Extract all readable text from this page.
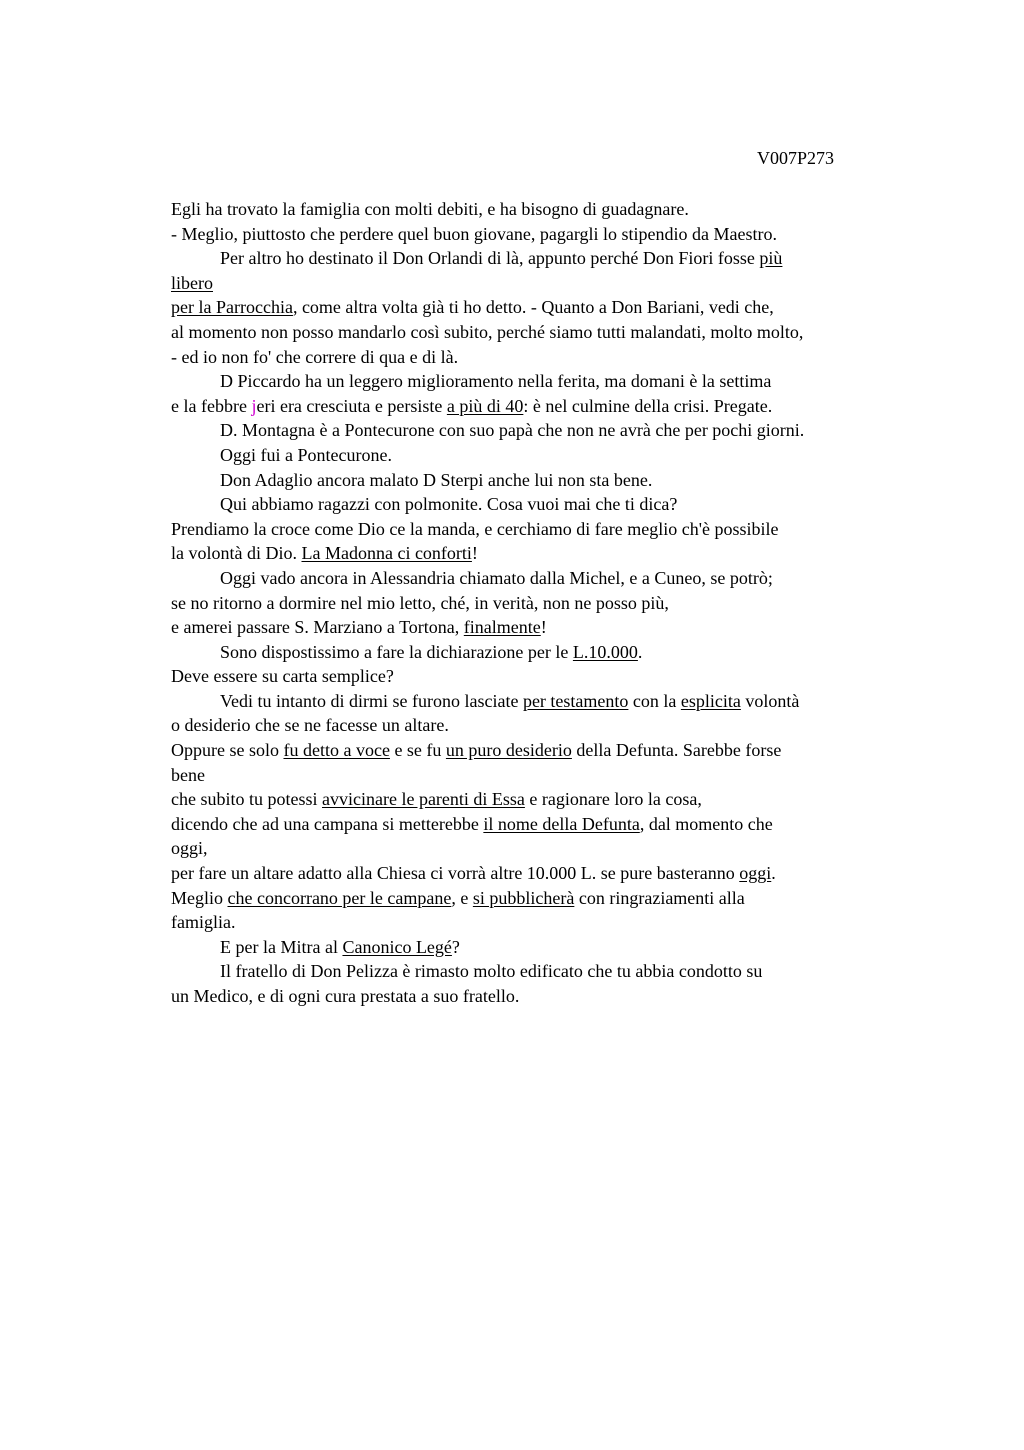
V007P273
Egli ha trovato la famiglia con molti debiti, e ha bisogno di guadagnare.
- Meglio, piuttosto che perdere quel buon giovane, pagargli lo stipendio da Maestro.
Per altro ho destinato il Don Orlandi di là, appunto perché Don Fiori fosse più
libero
per la Parrocchia, come altra volta già ti ho detto. - Quanto a Don Bariani, vedi che,
al momento non posso mandarlo così subito, perché siamo tutti malandati, molto molto,
- ed io non fo' che correre di qua e di là.
D Piccardo ha un leggero miglioramento nella ferita, ma domani è la settima
e la febbre jeri era cresciuta e persiste a più di 40: è nel culmine della crisi. Pregate.
D. Montagna è a Pontecurone con suo papà che non ne avrà che per pochi giorni.
Oggi fui a Pontecurone.
Don Adaglio ancora malato D Sterpi anche lui non sta bene.
Qui abbiamo ragazzi con polmonite. Cosa vuoi mai che ti dica?
Prendiamo la croce come Dio ce la manda, e cerchiamo di fare meglio ch'è possibile
la volontà di Dio. La Madonna ci conforti!
Oggi vado ancora in Alessandria chiamato dalla Michel, e a Cuneo, se potrò;
se no ritorno a dormire nel mio letto, ché, in verità, non ne posso più,
e amerei passare S. Marziano a Tortona, finalmente!
Sono dispostissimo a fare la dichiarazione per le L.10.000.
Deve essere su carta semplice?
Vedi tu intanto di dirmi se furono lasciate per testamento con la esplicita volontà
o desiderio che se ne facesse un altare.
Oppure se solo fu detto a voce e se fu un puro desiderio della Defunta. Sarebbe forse
bene
che subito tu potessi avvicinare le parenti di Essa e ragionare loro la cosa,
dicendo che ad una campana si metterebbe il nome della Defunta, dal momento che
oggi,
per fare un altare adatto alla Chiesa ci vorrà altre 10.000 L. se pure basteranno oggi.
Meglio che concorrano per le campane, e si pubblicherà con ringraziamenti alla
famiglia.
E per la Mitra al Canonico Legé?
Il fratello di Don Pelizza è rimasto molto edificato che tu abbia condotto su
un Medico, e di ogni cura prestata a suo fratello.
